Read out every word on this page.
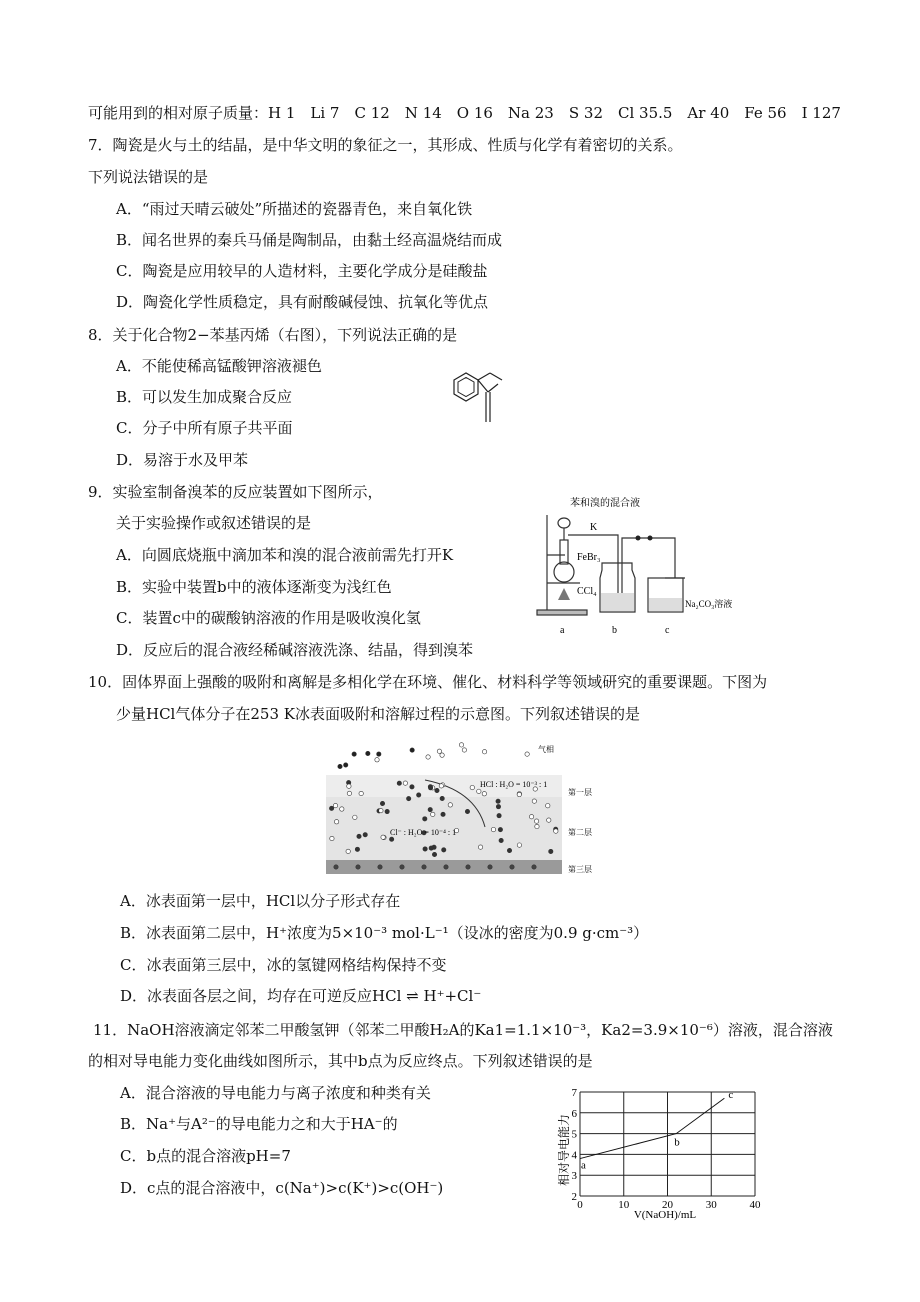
可能用到的相对原子质量：H 1　Li 7　C 12　N 14　O 16　Na 23　S 32　Cl 35.5　Ar 40　Fe 56　I 127
7．陶瓷是火与土的结晶，是中华文明的象征之一，其形成、性质与化学有着密切的关系。
下列说法错误的是
A．“雨过天晴云破处”所描述的瓷器青色，来自氧化铁
B．闻名世界的秦兵马俑是陶制品，由黏土经高温烧结而成
C．陶瓷是应用较早的人造材料，主要化学成分是硅酸盐
D．陶瓷化学性质稳定，具有耐酸碱侵蚀、抗氧化等优点
8．关于化合物2−苯基丙烯（右图），下列说法正确的是
A．不能使稀高锰酸钾溶液褪色
B．可以发生加成聚合反应
C．分子中所有原子共平面
D．易溶于水及甲苯
9．实验室制备溴苯的反应装置如下图所示，
关于实验操作或叙述错误的是
A．向圆底烧瓶中滴加苯和溴的混合液前需先打开K
B．实验中装置b中的液体逐渐变为浅红色
C．装置c中的碳酸钠溶液的作用是吸收溴化氢
D．反应后的混合液经稀碱溶液洗涤、结晶，得到溴苯
苯和溴的混合液
K
FeBr₃
CCl₄
Na₂CO₃溶液
a	b	c
10．固体界面上强酸的吸附和离解是多相化学在环境、催化、材料科学等领域研究的重要课题。下图为
少量HCl气体分子在253 K冰表面吸附和溶解过程的示意图。下列叙述错误的是
气相
HCl : H₂O = 10⁻³ : 1
Cl⁻ : H₂O = 10⁻⁴ : 1
第一层
第二层
第三层
A．冰表面第一层中，HCl以分子形式存在
B．冰表面第二层中，H⁺浓度为5×10⁻³ mol·L⁻¹（设冰的密度为0.9 g·cm⁻³）
C．冰表面第三层中，冰的氢键网格结构保持不变
D．冰表面各层之间，均存在可逆反应HCl ⇌ H⁺+Cl⁻
11．NaOH溶液滴定邻苯二甲酸氢钾（邻苯二甲酸H₂A的Ka1=1.1×10⁻³，Ka2=3.9×10⁻⁶）溶液，混合溶液
的相对导电能力变化曲线如图所示，其中b点为反应终点。下列叙述错误的是
A．混合溶液的导电能力与离子浓度和种类有关
B．Na⁺与A²⁻的导电能力之和大于HA⁻的
C．b点的混合溶液pH=7
D．c点的混合溶液中，c(Na⁺)>c(K⁺)>c(OH⁻)
0	10	20	30	40
2
3
4
5
6
7
a
b
c
V(NaOH)/mL
相对导电能力
